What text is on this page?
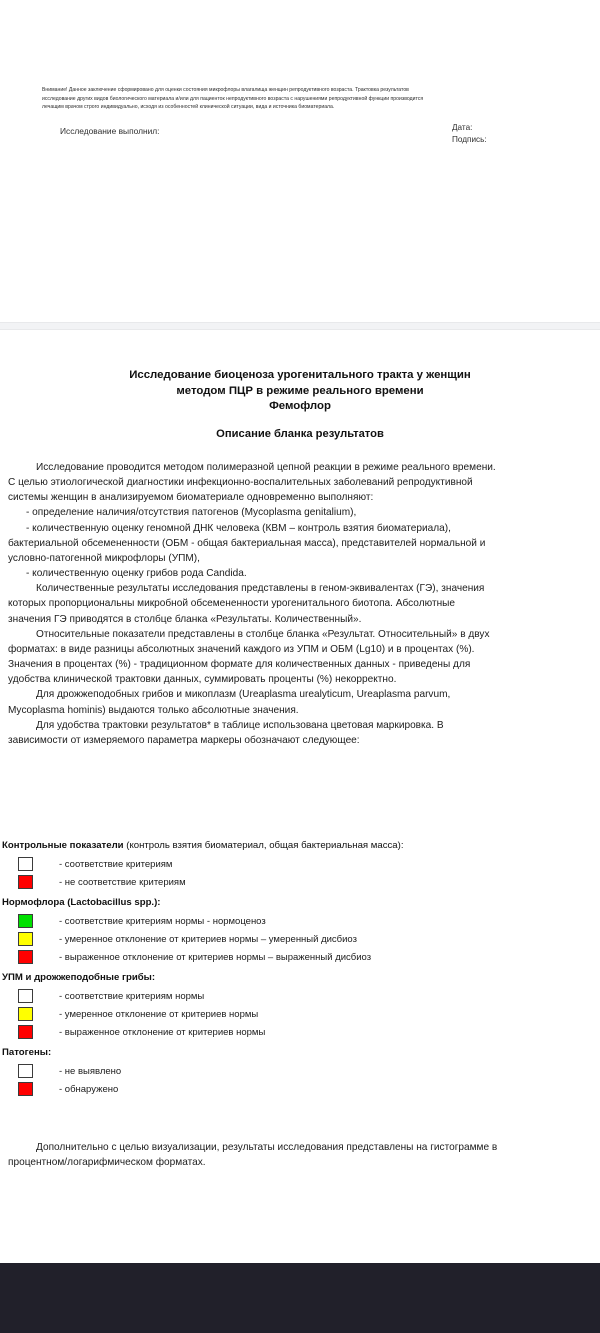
Внимание! Данное заключение сформировано для оценки состояния микрофлоры влагалища женщин репродуктивного возраста. Трактовка результатов
исследование других видов биологического материала и/или для пациенток непродуктивного возраста с нарушениями репродуктивной функции производится
лечащим врачом строго индивидуально, исходя из особенностей клинической ситуации, вида и источника биоматериала.
Исследование выполнил:	Дата:
Подпись:
Исследование биоценоза урогенитального тракта у женщин
методом ПЦР в режиме реального времени
Фемофлор
Описание бланка результатов

Исследование проводится методом полимеразной цепной реакции в режиме реального времени.

С целью этиологической диагностики инфекционно-воспалительных заболеваний репродуктивной

системы женщин в анализируемом биоматериале одновременно выполняют:

- определение наличия/отсутствия патогенов (Mycoplasma genitalium),

- количественную оценку геномной ДНК человека (КВМ – контроль взятия биоматериала),

бактериальной обсемененности (ОБМ - общая бактериальная масса), представителей нормальной и

условно-патогенной микрофлоры (УПМ),

- количественную оценку грибов рода Candida.

Количественные результаты исследования представлены в геном-эквивалентах (ГЭ), значения

которых пропорциональны микробной обсемененности урогенитального биотопа. Абсолютные

значения ГЭ приводятся в столбце бланка «Результаты. Количественный».

Относительные показатели представлены в столбце бланка «Результат. Относительный» в двух

форматах: в виде разницы абсолютных значений каждого из УПМ и ОБМ (Lg10) и в процентах (%).

Значения в процентах (%) - традиционном формате для количественных данных - приведены для

удобства клинической трактовки данных, суммировать проценты (%) некорректно.

Для дрожжеподобных грибов и микоплазм (Ureaplasma urealyticum, Ureaplasma parvum,

Mycoplasma hominis) выдаются только абсолютные значения.

Для удобства трактовки результатов* в таблице использована цветовая маркировка. В

зависимости от измеряемого параметра маркеры обозначают следующее:

Контрольные показатели (контроль взятия биоматериал, общая бактериальная масса):
- соответствие критериям
- не соответствие критериям
Нормофлора (Lactobacillus spp.):
- соответствие критериям нормы - нормоценоз
- умеренное отклонение от критериев нормы – умеренный дисбиоз
- выраженное отклонение от критериев нормы – выраженный дисбиоз
УПМ и дрожжеподобные грибы:
- соответствие критериям нормы
- умеренное отклонение от критериев нормы
- выраженное отклонение от критериев нормы
Патогены:
- не выявлено
- обнаружено

Дополнительно с целью визуализации, результаты исследования представлены на гистограмме в

процентном/логарифмическом форматах.
